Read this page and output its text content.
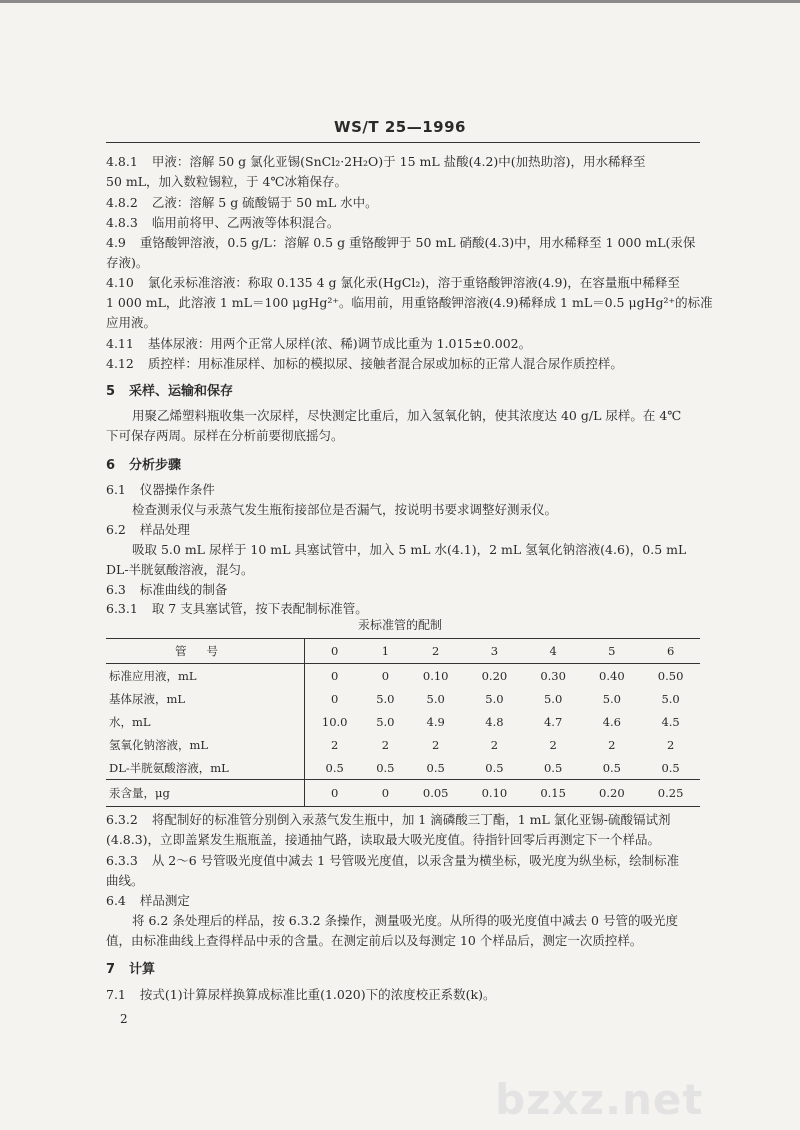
WS/T 25—1996
4.8.1 甲液：溶解 50 g 氯化亚锡(SnCl₂·2H₂O)于 15 mL 盐酸(4.2)中(加热助溶)，用水稀释至
50 mL，加入数粒锡粒，于 4℃冰箱保存。
4.8.2 乙液：溶解 5 g 硫酸镉于 50 mL 水中。
4.8.3 临用前将甲、乙两液等体积混合。
4.9 重铬酸钾溶液，0.5 g/L：溶解 0.5 g 重铬酸钾于 50 mL 硝酸(4.3)中，用水稀释至 1 000 mL(汞保
存液)。
4.10 氯化汞标准溶液：称取 0.135 4 g 氯化汞(HgCl₂)，溶于重铬酸钾溶液(4.9)，在容量瓶中稀释至
1 000 mL，此溶液 1 mL＝100 μgHg²⁺。临用前，用重铬酸钾溶液(4.9)稀释成 1 mL＝0.5 μgHg²⁺的标准
应用液。
4.11 基体尿液：用两个正常人尿样(浓、稀)调节成比重为 1.015±0.002。
4.12 质控样：用标准尿样、加标的模拟尿、接触者混合尿或加标的正常人混合尿作质控样。
5 采样、运输和保存
用聚乙烯塑料瓶收集一次尿样，尽快测定比重后，加入氢氧化钠，使其浓度达 40 g/L 尿样。在 4℃
下可保存两周。尿样在分析前要彻底摇匀。
6 分析步骤
6.1 仪器操作条件
检查测汞仪与汞蒸气发生瓶衔接部位是否漏气，按说明书要求调整好测汞仪。
6.2 样品处理
吸取 5.0 mL 尿样于 10 mL 具塞试管中，加入 5 mL 水(4.1)，2 mL 氢氧化钠溶液(4.6)，0.5 mL
DL-半胱氨酸溶液，混匀。
6.3 标准曲线的制备
6.3.1 取 7 支具塞试管，按下表配制标准管。
汞标准管的配制
管号	0	1	2	3	4	5	6
标准应用液，mL	0	0	0.10	0.20	0.30	0.40	0.50
基体尿液，mL	0	5.0	5.0	5.0	5.0	5.0	5.0
水，mL	10.0	5.0	4.9	4.8	4.7	4.6	4.5
氢氧化钠溶液，mL	2	2	2	2	2	2	2
DL-半胱氨酸溶液，mL	0.5	0.5	0.5	0.5	0.5	0.5	0.5
汞含量，μg	0	0	0.05	0.10	0.15	0.20	0.25
6.3.2 将配制好的标准管分别倒入汞蒸气发生瓶中，加 1 滴磷酸三丁酯，1 mL 氯化亚锡-硫酸镉试剂
(4.8.3)，立即盖紧发生瓶瓶盖，接通抽气路，读取最大吸光度值。待指针回零后再测定下一个样品。
6.3.3 从 2～6 号管吸光度值中减去 1 号管吸光度值，以汞含量为横坐标，吸光度为纵坐标，绘制标准
曲线。
6.4 样品测定
将 6.2 条处理后的样品，按 6.3.2 条操作，测量吸光度。从所得的吸光度值中减去 0 号管的吸光度
值，由标准曲线上查得样品中汞的含量。在测定前后以及每测定 10 个样品后，测定一次质控样。
7 计算
7.1 按式(1)计算尿样换算成标准比重(1.020)下的浓度校正系数(k)。
2
bzxz.net
